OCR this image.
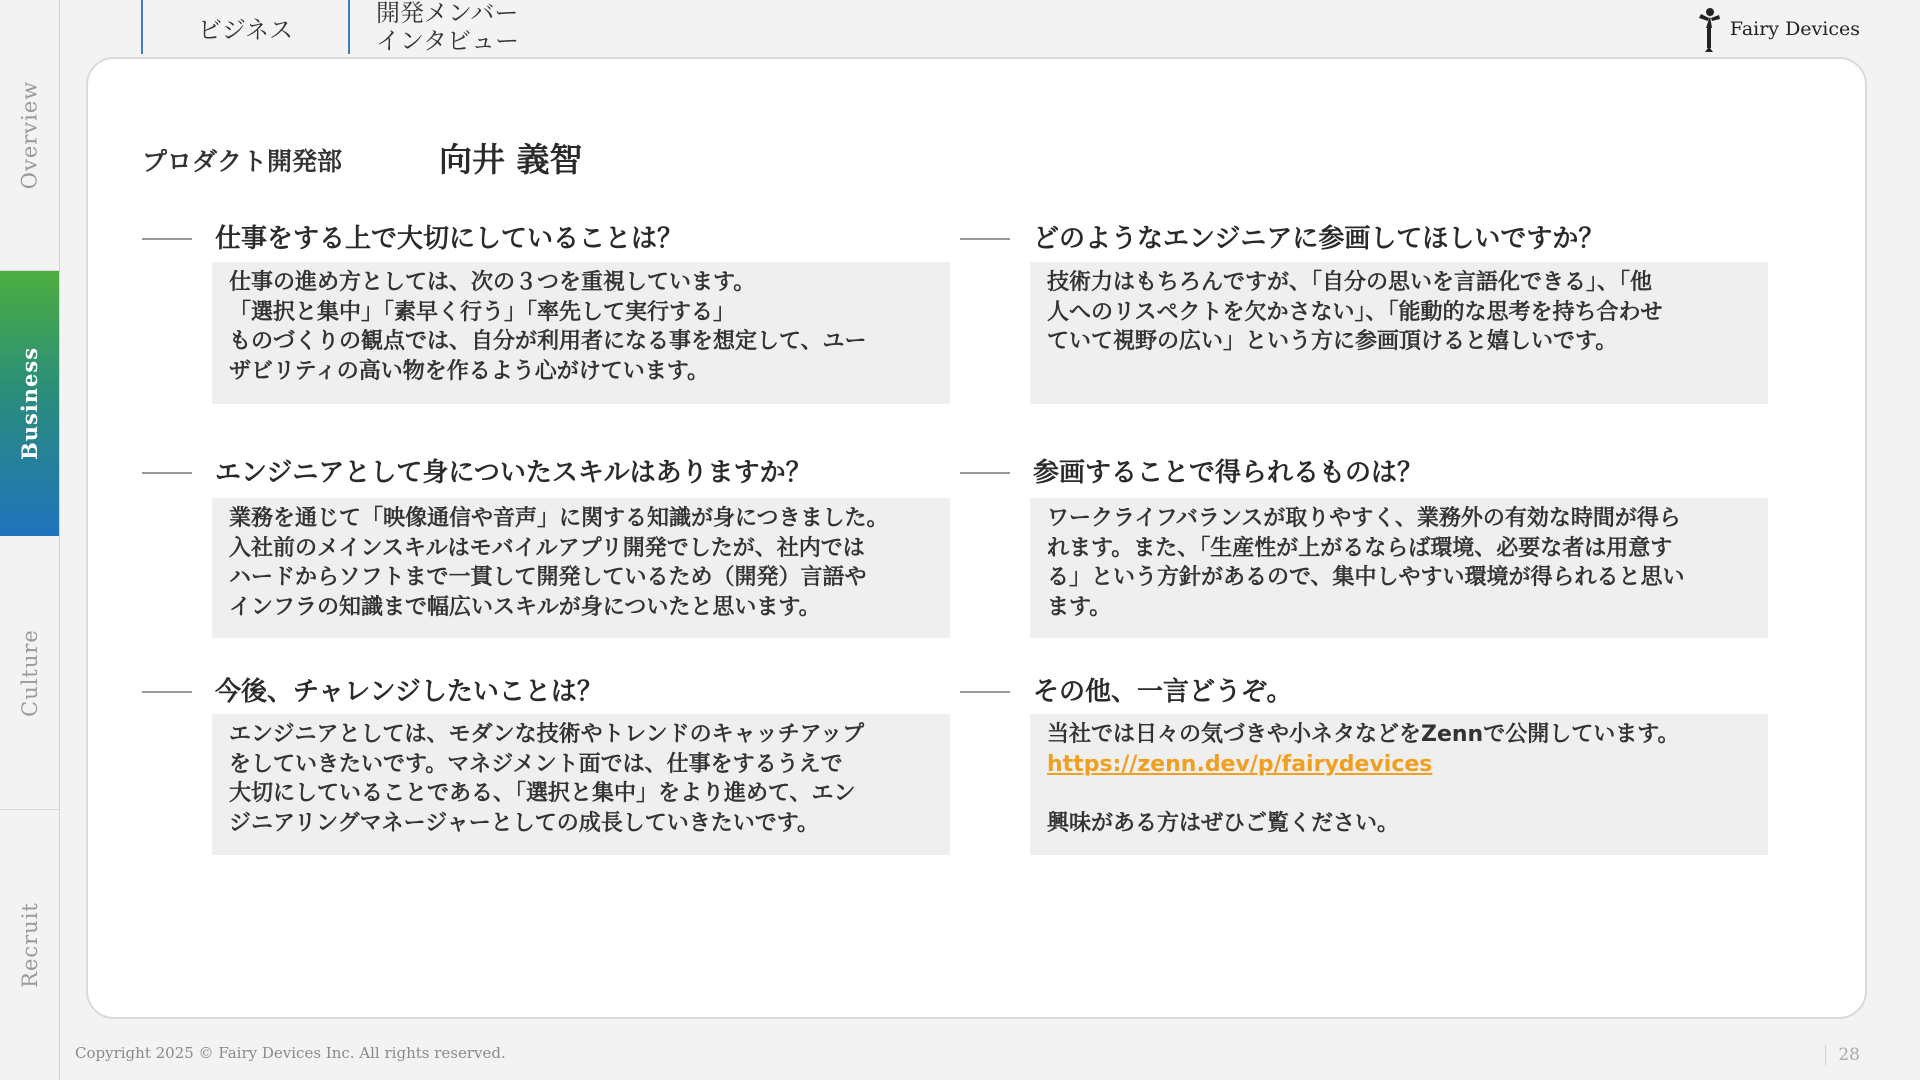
Overview
Business
Culture
Recruit
ビジネス
開発メンバー
インタビュー	Fairy Devices
プロダクト開発部	向井 義智
仕事をする上で大切にしていることは？
仕事の進め方としては、次の３つを重視しています。
「選択と集中」「素早く行う」「率先して実行する」
ものづくりの観点では、自分が利用者になる事を想定して、ユー
ザビリティの高い物を作るよう心がけています。
どのようなエンジニアに参画してほしいですか？
技術力はもちろんですが、「自分の思いを言語化できる」、「他
人へのリスペクトを欠かさない」、「能動的な思考を持ち合わせ
ていて視野の広い」という方に参画頂けると嬉しいです。
エンジニアとして身についたスキルはありますか？
業務を通じて「映像通信や音声」に関する知識が身につきました。
入社前のメインスキルはモバイルアプリ開発でしたが、社内では
ハードからソフトまで一貫して開発しているため（開発）言語や
インフラの知識まで幅広いスキルが身についたと思います。
参画することで得られるものは？
ワークライフバランスが取りやすく、業務外の有効な時間が得ら
れます。また、「生産性が上がるならば環境、必要な者は用意す
る」という方針があるので、集中しやすい環境が得られると思い
ます。
今後、チャレンジしたいことは？
エンジニアとしては、モダンな技術やトレンドのキャッチアップ
をしていきたいです。マネジメント面では、仕事をするうえで
大切にしていることである、「選択と集中」をより進めて、エン
ジニアリングマネージャーとしての成長していきたいです。
その他、一言どうぞ。
当社では日々の気づきや小ネタなどをZennで公開しています。
https://zenn.dev/p/fairydevices
興味がある方はぜひご覧ください。
Copyright 2025 © Fairy Devices Inc. All rights reserved.	28
